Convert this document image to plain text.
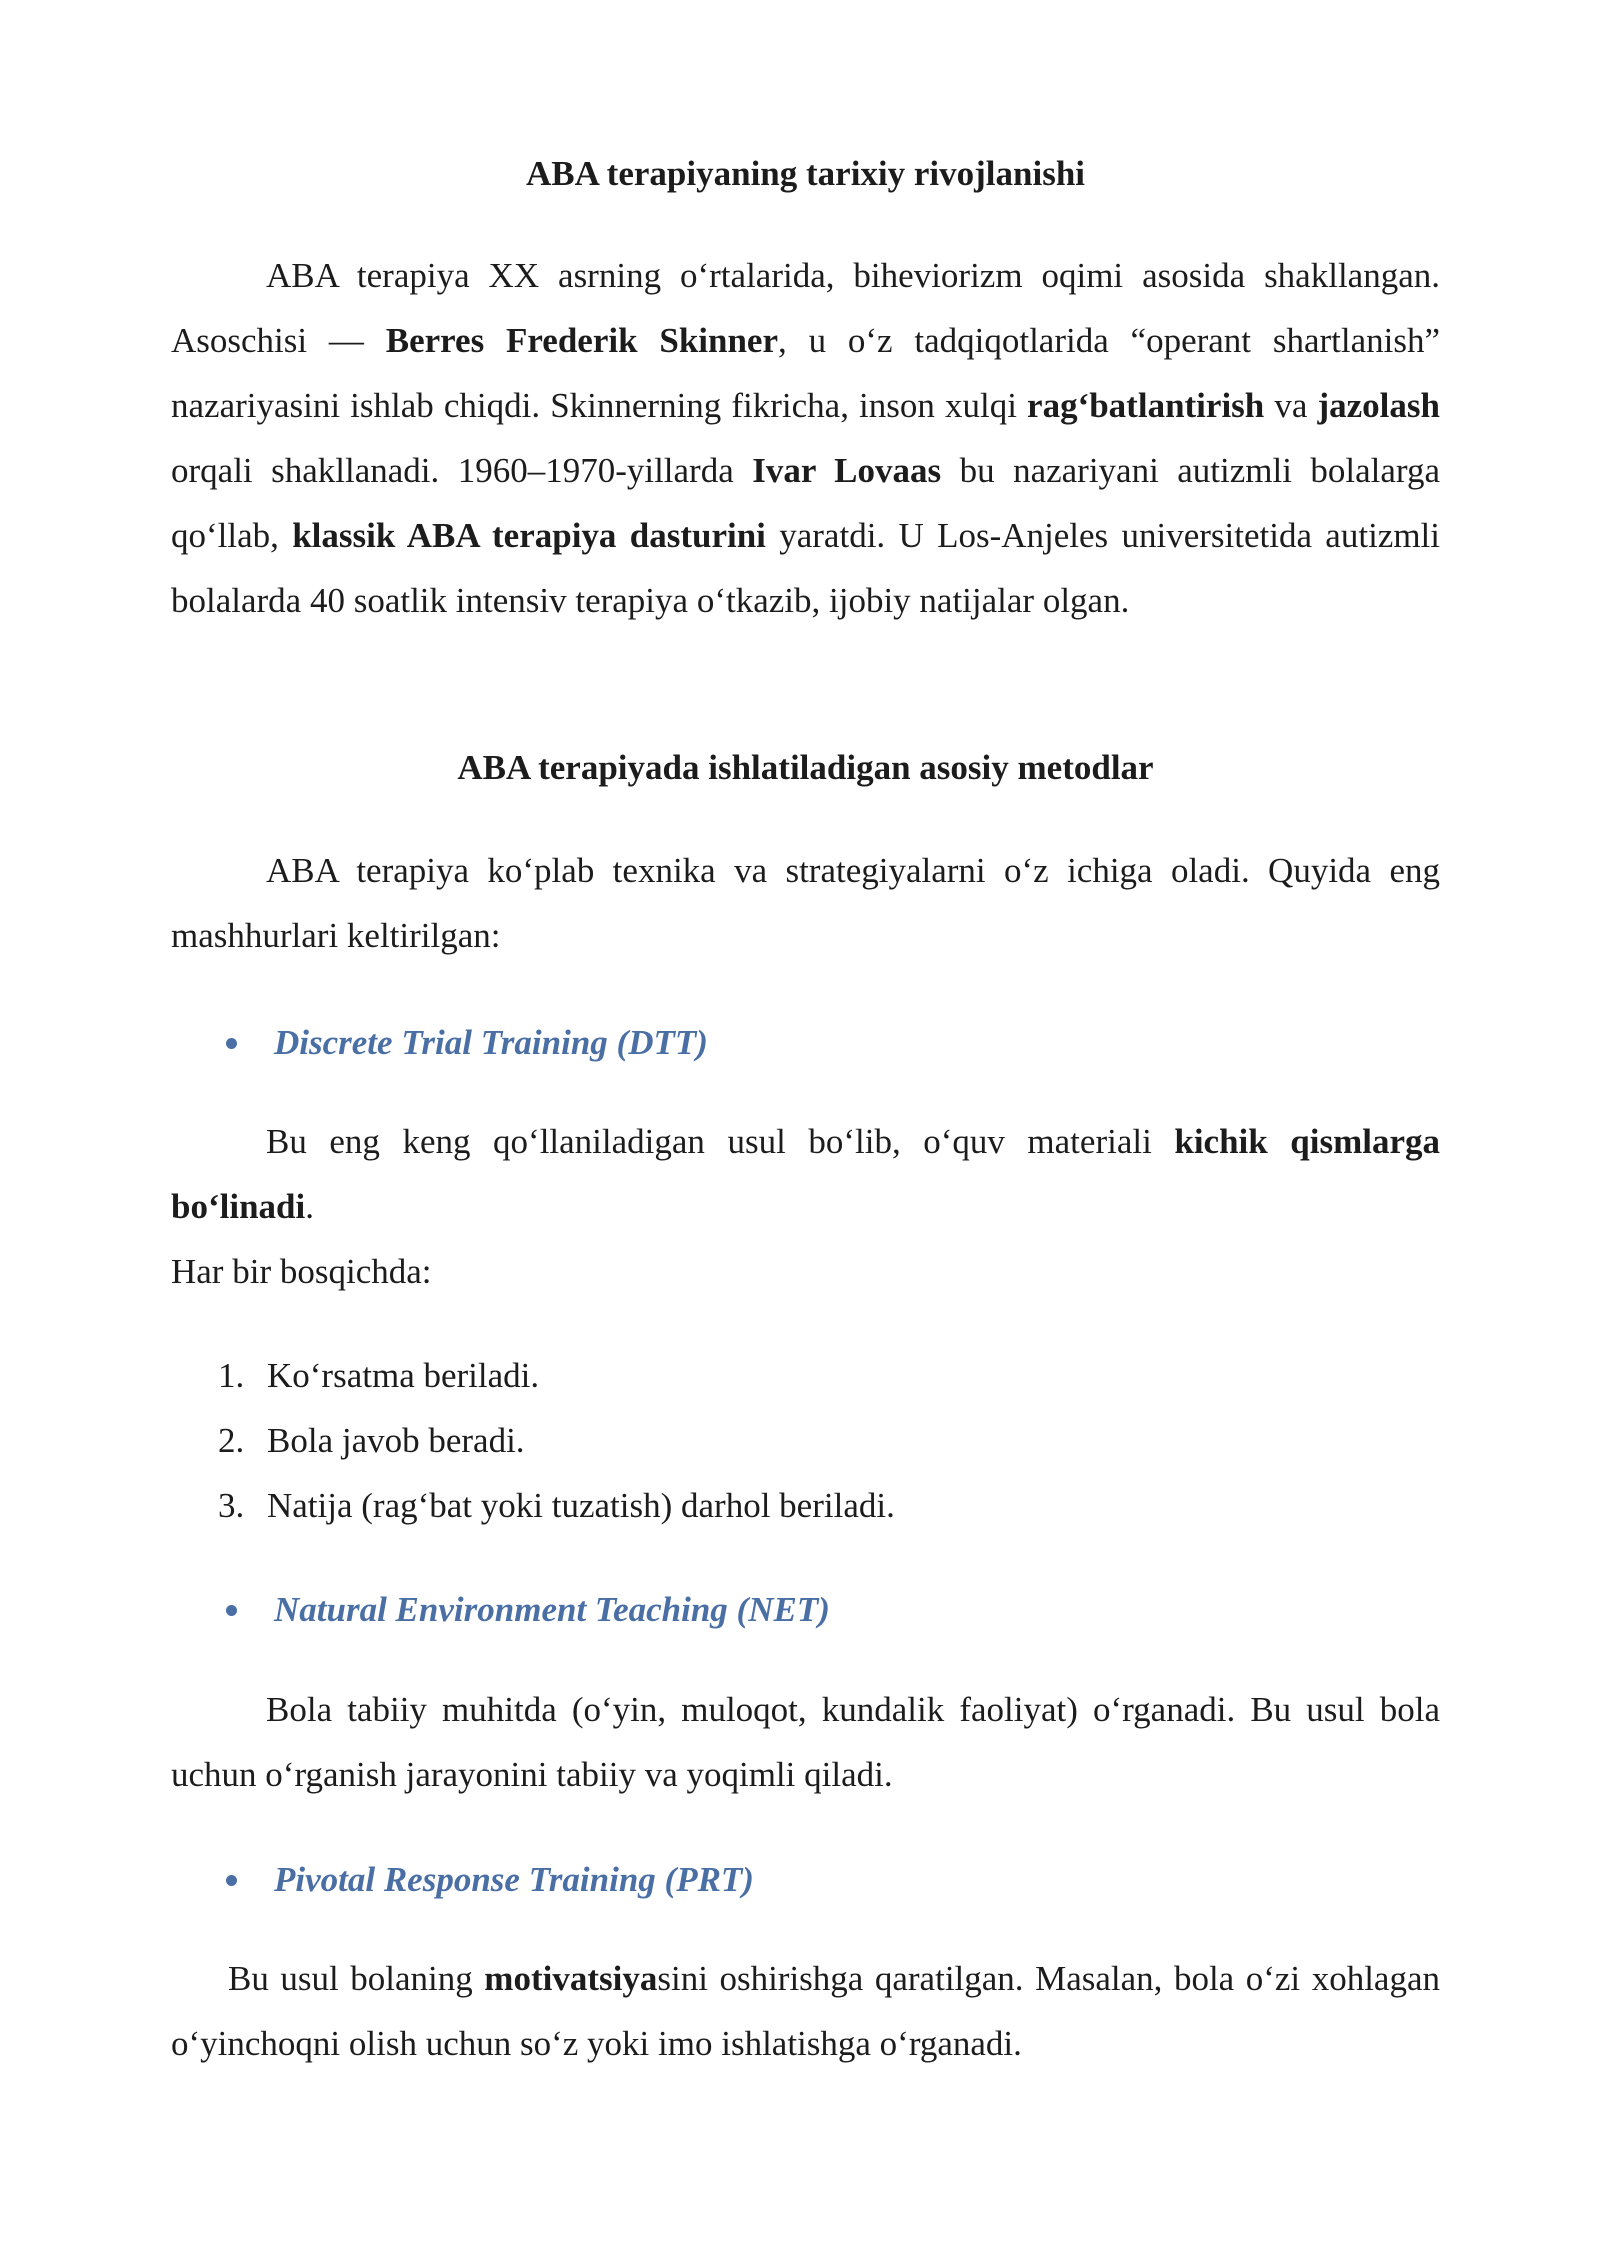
ABA terapiyaning tarixiy rivojlanishi

ABA terapiya XX asrning o‘rtalarida, biheviorizm oqimi asosida shakllangan. Asoschisi — Berres Frederik Skinner, u o‘z tadqiqotlarida “operant shartlanish” nazariyasini ishlab chiqdi. Skinnerning fikricha, inson xulqi rag‘batlantirish va jazolash orqali shakllanadi. 1960–1970-yillarda Ivar Lovaas bu nazariyani autizmli bolalarga qo‘llab, klassik ABA terapiya dasturini yaratdi. U Los-Anjeles universitetida autizmli bolalarda 40 soatlik intensiv terapiya o‘tkazib, ijobiy natijalar olgan.

ABA terapiyada ishlatiladigan asosiy metodlar

ABA terapiya ko‘plab texnika va strategiyalarni o‘z ichiga oladi. Quyida eng mashhurlari keltirilgan:

Discrete Trial Training (DTT)

Bu eng keng qo‘llaniladigan usul bo‘lib, o‘quv materiali kichik qismlarga bo‘linadi.

Har bir bosqichda:

1. Ko‘rsatma beriladi.
2. Bola javob beradi.
3. Natija (rag‘bat yoki tuzatish) darhol beriladi.
Natural Environment Teaching (NET)

Bola tabiiy muhitda (o‘yin, muloqot, kundalik faoliyat) o‘rganadi. Bu usul bola uchun o‘rganish jarayonini tabiiy va yoqimli qiladi.

Pivotal Response Training (PRT)

Bu usul bolaning motivatsiyasini oshirishga qaratilgan. Masalan, bola o‘zi xohlagan o‘yinchoqni olish uchun so‘z yoki imo ishlatishga o‘rganadi.
